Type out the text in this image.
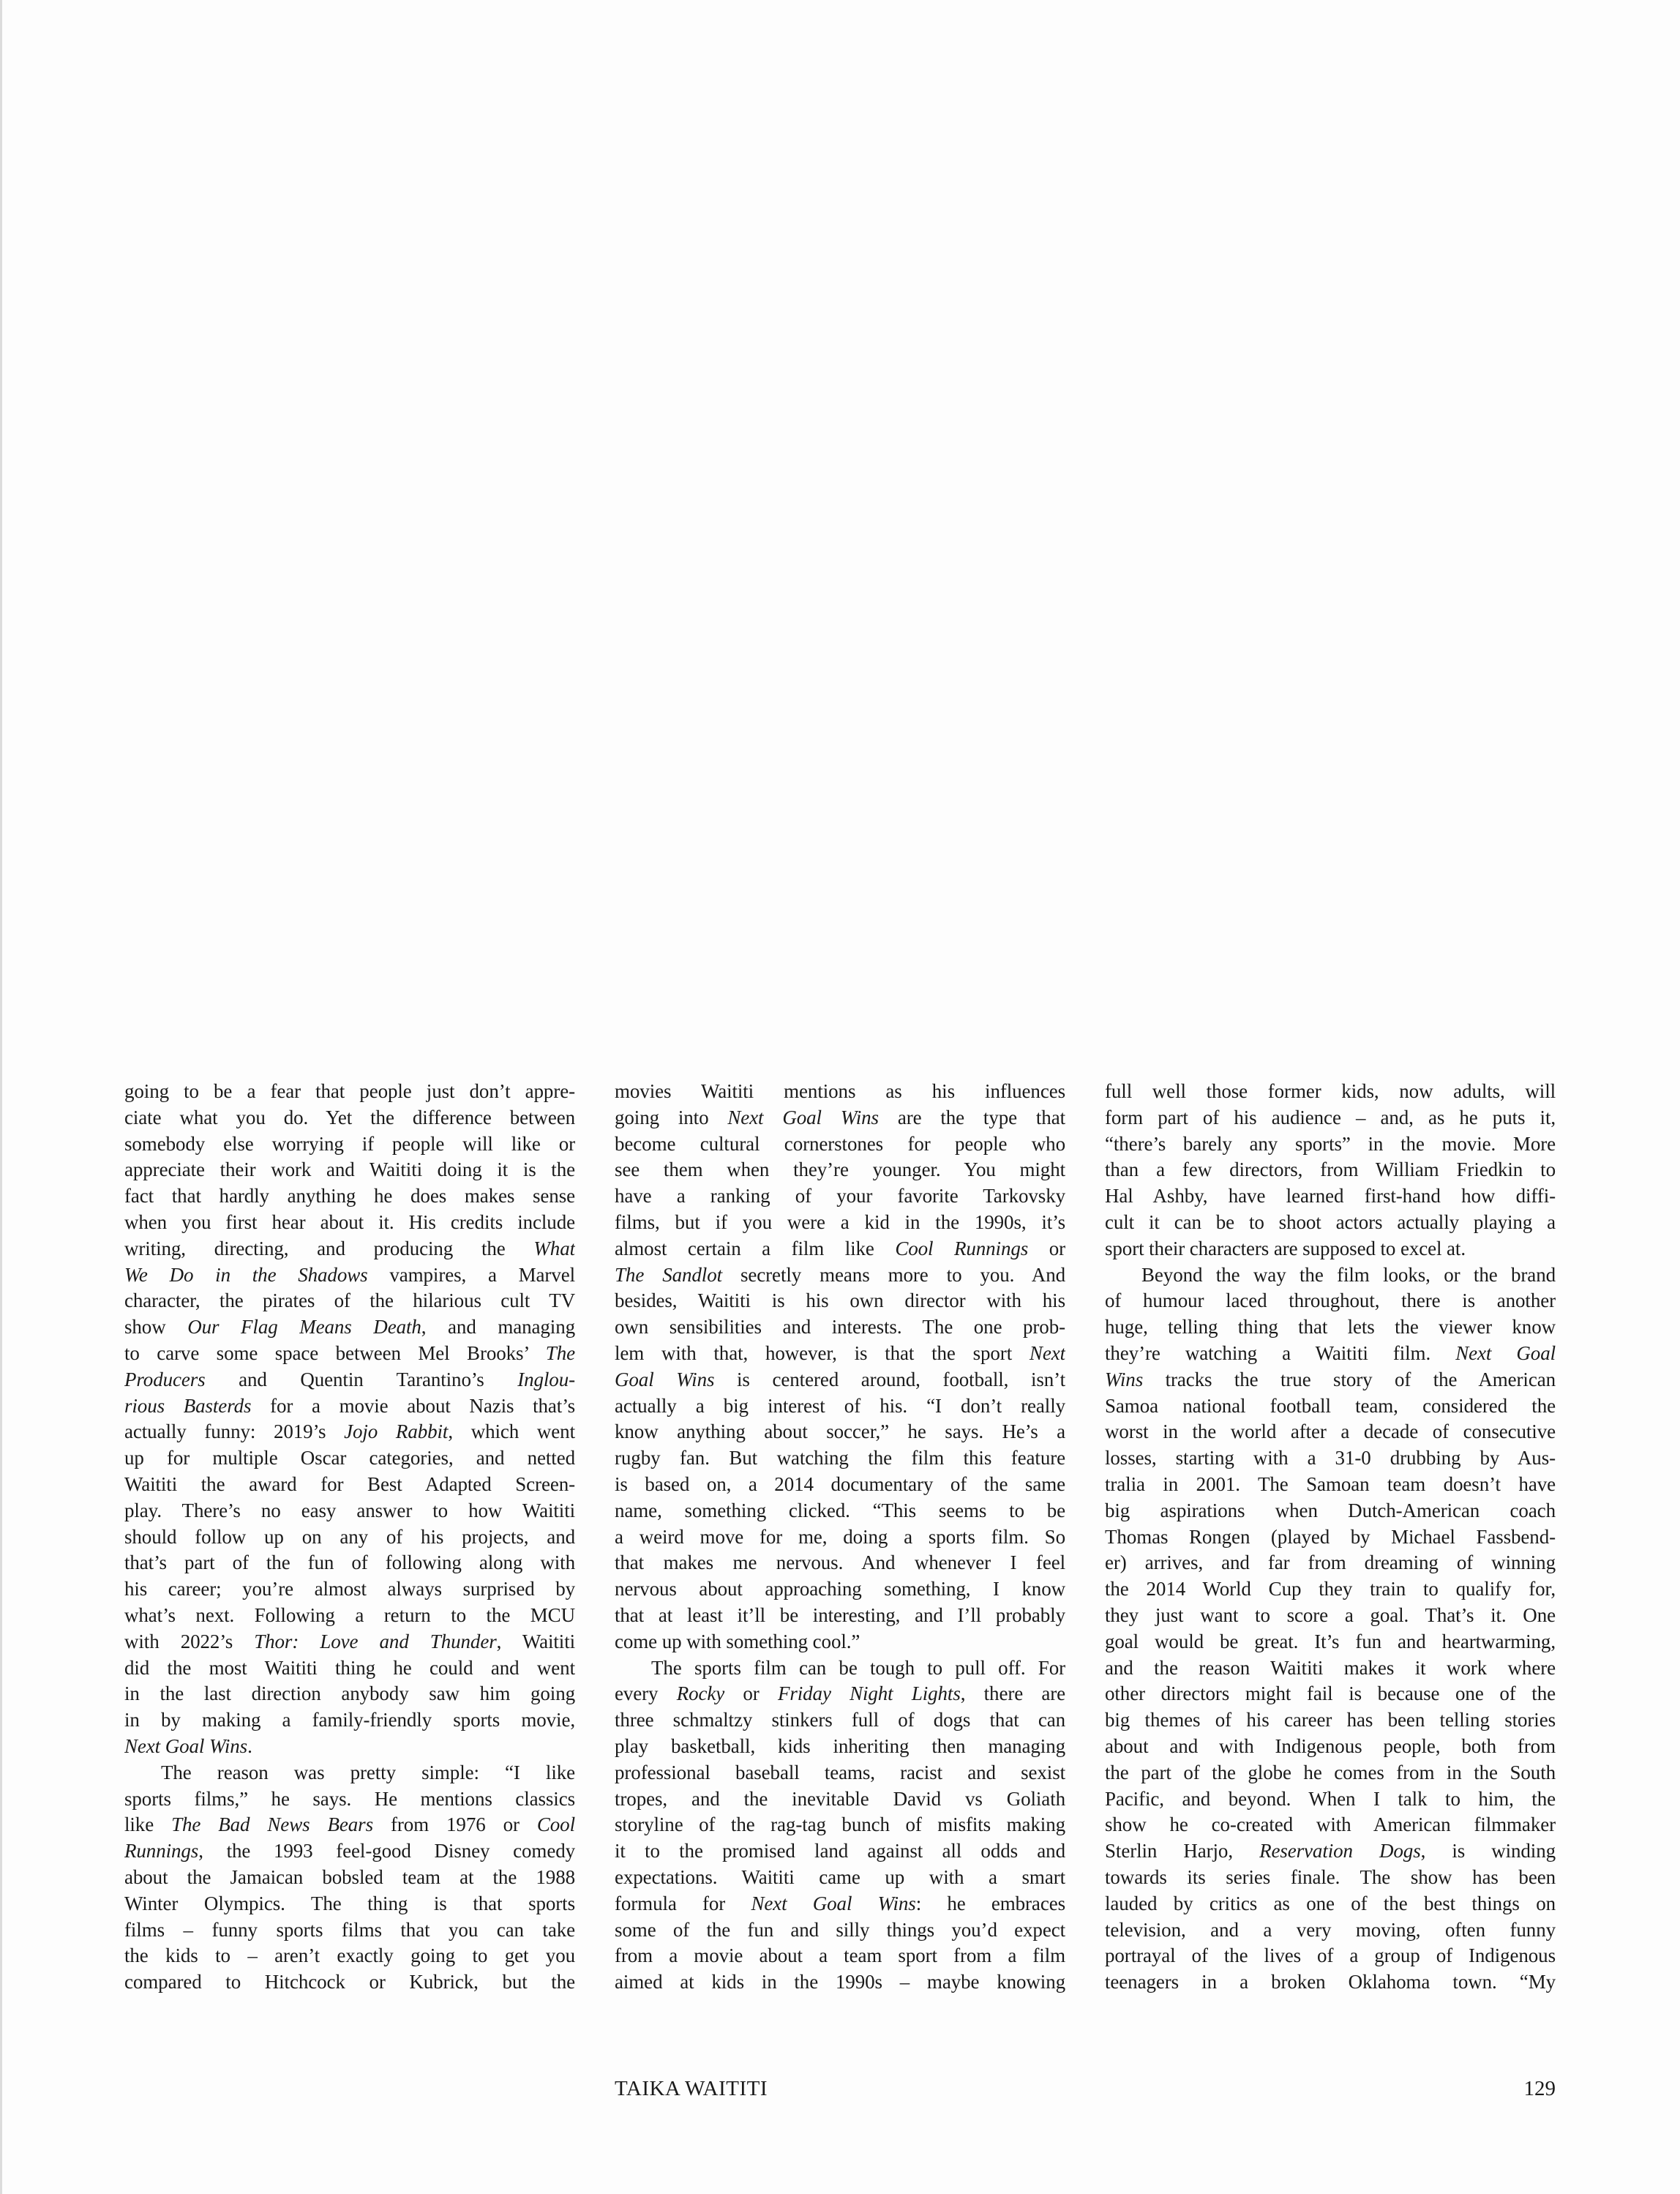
going to be a fear that people just don’t appre-
ciate what you do. Yet the difference between
somebody else worrying if people will like or
appreciate their work and Waititi doing it is the
fact that hardly anything he does makes sense
when you first hear about it. His credits include
writing, directing, and producing the What
We Do in the Shadows vampires, a Marvel
character, the pirates of the hilarious cult TV
show Our Flag Means Death, and managing
to carve some space between Mel Brooks’ The
Producers and Quentin Tarantino’s Inglou-
rious Basterds for a movie about Nazis that’s
actually funny: 2019’s Jojo Rabbit, which went
up for multiple Oscar categories, and netted
Waititi the award for Best Adapted Screen-
play. There’s no easy answer to how Waititi
should follow up on any of his projects, and
that’s part of the fun of following along with
his career; you’re almost always surprised by
what’s next. Following a return to the MCU
with 2022’s Thor: Love and Thunder, Waititi
did the most Waititi thing he could and went
in the last direction anybody saw him going
in by making a family-friendly sports movie,
Next Goal Wins.
The reason was pretty simple: “I like
sports films,” he says. He mentions classics
like The Bad News Bears from 1976 or Cool
Runnings, the 1993 feel-good Disney comedy
about the Jamaican bobsled team at the 1988
Winter Olympics. The thing is that sports
films – funny sports films that you can take
the kids to – aren’t exactly going to get you
compared to Hitchcock or Kubrick, but the
movies Waititi mentions as his influences
going into Next Goal Wins are the type that
become cultural cornerstones for people who
see them when they’re younger. You might
have a ranking of your favorite Tarkovsky
films, but if you were a kid in the 1990s, it’s
almost certain a film like Cool Runnings or
The Sandlot secretly means more to you. And
besides, Waititi is his own director with his
own sensibilities and interests. The one prob-
lem with that, however, is that the sport Next
Goal Wins is centered around, football, isn’t
actually a big interest of his. “I don’t really
know anything about soccer,” he says. He’s a
rugby fan. But watching the film this feature
is based on, a 2014 documentary of the same
name, something clicked. “This seems to be
a weird move for me, doing a sports film. So
that makes me nervous. And whenever I feel
nervous about approaching something, I know
that at least it’ll be interesting, and I’ll probably
come up with something cool.”
The sports film can be tough to pull off. For
every Rocky or Friday Night Lights, there are
three schmaltzy stinkers full of dogs that can
play basketball, kids inheriting then managing
professional baseball teams, racist and sexist
tropes, and the inevitable David vs Goliath
storyline of the rag-tag bunch of misfits making
it to the promised land against all odds and
expectations. Waititi came up with a smart
formula for Next Goal Wins: he embraces
some of the fun and silly things you’d expect
from a movie about a team sport from a film
aimed at kids in the 1990s – maybe knowing
full well those former kids, now adults, will
form part of his audience – and, as he puts it,
“there’s barely any sports” in the movie. More
than a few directors, from William Friedkin to
Hal Ashby, have learned first-hand how diffi-
cult it can be to shoot actors actually playing a
sport their characters are supposed to excel at.
Beyond the way the film looks, or the brand
of humour laced throughout, there is another
huge, telling thing that lets the viewer know
they’re watching a Waititi film. Next Goal
Wins tracks the true story of the American
Samoa national football team, considered the
worst in the world after a decade of consecutive
losses, starting with a 31-0 drubbing by Aus-
tralia in 2001. The Samoan team doesn’t have
big aspirations when Dutch-American coach
Thomas Rongen (played by Michael Fassbend-
er) arrives, and far from dreaming of winning
the 2014 World Cup they train to qualify for,
they just want to score a goal. That’s it. One
goal would be great. It’s fun and heartwarming,
and the reason Waititi makes it work where
other directors might fail is because one of the
big themes of his career has been telling stories
about and with Indigenous people, both from
the part of the globe he comes from in the South
Pacific, and beyond. When I talk to him, the
show he co-created with American filmmaker
Sterlin Harjo, Reservation Dogs, is winding
towards its series finale. The show has been
lauded by critics as one of the best things on
television, and a very moving, often funny
portrayal of the lives of a group of Indigenous
teenagers in a broken Oklahoma town. “My
TAIKA WAITITI	129
